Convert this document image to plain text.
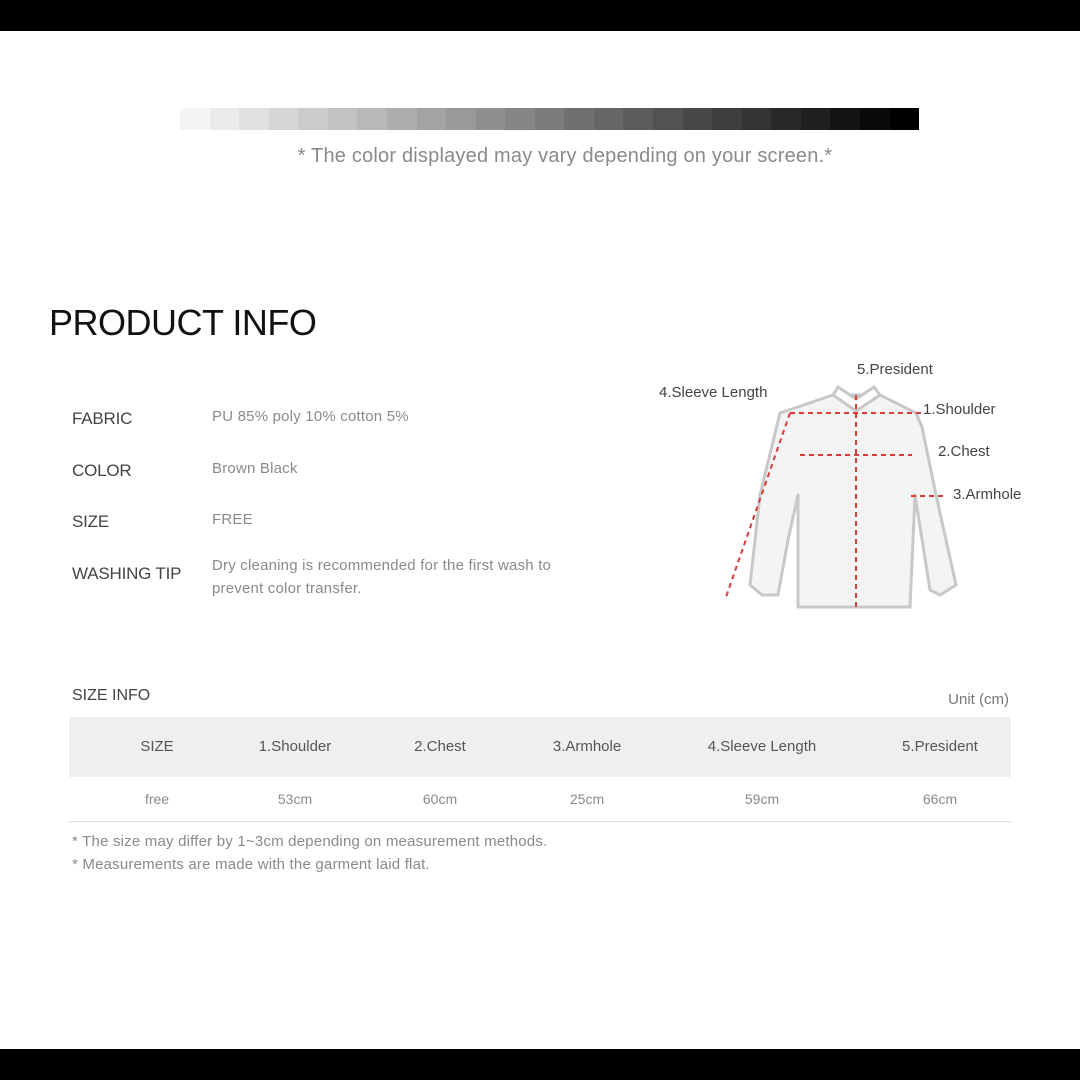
* The color displayed may vary depending on your screen.*
PRODUCT INFO
FABRIC	PU 85% poly 10% cotton 5%
COLOR	Brown Black
SIZE	FREE
WASHING TIP Dry cleaning is recommended for the first wash to
prevent color transfer.
5.President
4.Sleeve Length
1.Shoulder
2.Chest
3.Armhole
SIZE INFO	Unit (cm)
SIZE	1.Shoulder	2.Chest	3.Armhole	4.Sleeve Length	5.President
free	53cm	60cm	25cm	59cm	66cm
* The size may differ by 1~3cm depending on measurement methods.
* Measurements are made with the garment laid flat.
